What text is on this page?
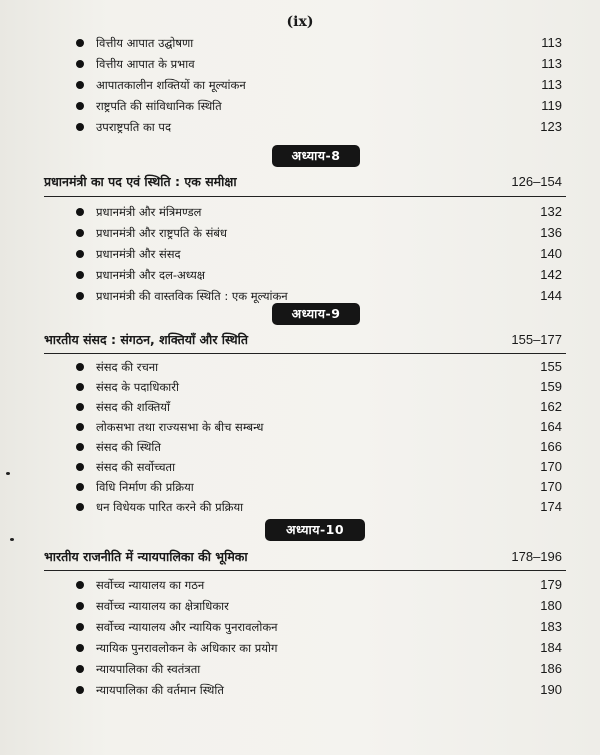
(ix)
वित्तीय आपात उद्घोषणा	113
वित्तीय आपात के प्रभाव	113
आपातकालीन शक्तियों का मूल्यांकन	113
राष्ट्रपति की सांविधानिक स्थिति	119
उपराष्ट्रपति का पद	123
अध्याय-8
प्रधानमंत्री का पद एवं स्थिति : एक समीक्षा	126–154
प्रधानमंत्री और मंत्रिमण्डल	132
प्रधानमंत्री और राष्ट्रपति के संबंध	136
प्रधानमंत्री और संसद	140
प्रधानमंत्री और दल-अध्यक्ष	142
प्रधानमंत्री की वास्तविक स्थिति : एक मूल्यांकन	144
अध्याय-9
भारतीय संसद : संगठन, शक्तियाँ और स्थिति	155–177
संसद की रचना	155
संसद के पदाधिकारी	159
संसद की शक्तियाँ	162
लोकसभा तथा राज्यसभा के बीच सम्बन्ध	164
संसद की स्थिति	166
संसद की सर्वोच्चता	170
विधि निर्माण की प्रक्रिया	170
धन विधेयक पारित करने की प्रक्रिया	174
अध्याय-10
भारतीय राजनीति में न्यायपालिका की भूमिका	178–196
सर्वोच्च न्यायालय का गठन	179
सर्वोच्च न्यायालय का क्षेत्राधिकार	180
सर्वोच्च न्यायालय और न्यायिक पुनरावलोकन	183
न्यायिक पुनरावलोकन के अधिकार का प्रयोग	184
न्यायपालिका की स्वतंत्रता	186
न्यायपालिका की वर्तमान स्थिति	190
